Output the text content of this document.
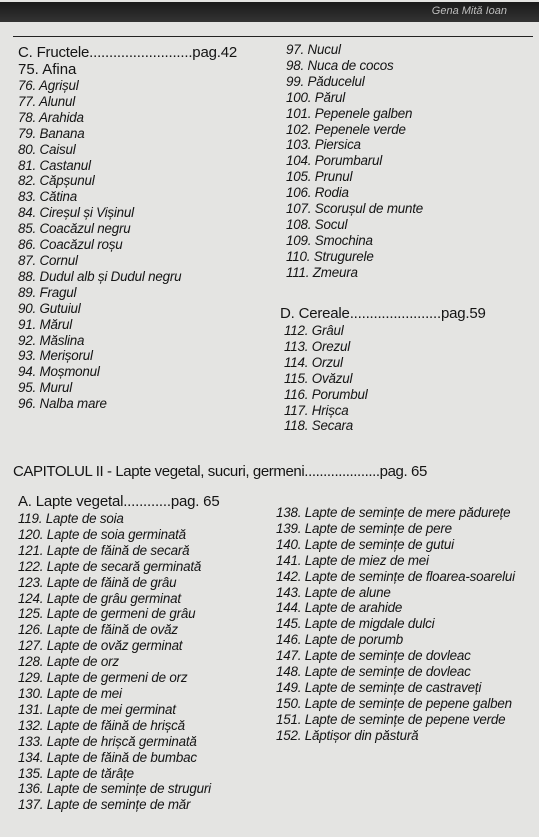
Gena Mită Ioan
C. Fructele..........................pag.42
75. Afina
76. Agrișul
77. Alunul
78. Arahida
79. Banana
80. Caisul
81. Castanul
82. Căpșunul
83. Cătina
84. Cireșul și Vișinul
85. Coacăzul negru
86. Coacăzul roșu
87. Cornul
88. Dudul alb și Dudul negru
89. Fragul
90. Gutuiul
91. Mărul
92. Măslina
93. Merișorul
94. Moșmonul
95. Murul
96. Nalba mare
97. Nucul
98. Nuca de cocos
99. Păducelul
100. Părul
101. Pepenele galben
102. Pepenele verde
103. Piersica
104. Porumbarul
105. Prunul
106. Rodia
107. Scorușul de munte
108. Socul
109. Smochina
110. Strugurele
111. Zmeura
D. Cereale.......................pag.59
112. Grâul
113. Orezul
114. Orzul
115. Ovăzul
116. Porumbul
117. Hrișca
118. Secara
CAPITOLUL II - Lapte vegetal, sucuri, germeni....................pag. 65
A. Lapte vegetal............pag. 65
119. Lapte de soia
120. Lapte de soia germinată
121. Lapte de făină de secară
122. Lapte de secară germinată
123. Lapte de făină de grâu
124. Lapte de grâu germinat
125. Lapte de germeni de grâu
126. Lapte de făină de ovăz
127. Lapte de ovăz germinat
128. Lapte de orz
129. Lapte de germeni de orz
130. Lapte de mei
131. Lapte de mei germinat
132. Lapte de făină de hrișcă
133. Lapte de hrișcă germinată
134. Lapte de făină de bumbac
135. Lapte de tărâțe
136. Lapte de semințe de struguri
137. Lapte de semințe de măr
138. Lapte de semințe de mere pădurețe
139. Lapte de semințe de pere
140. Lapte de semințe de gutui
141. Lapte de miez de mei
142. Lapte de semințe de floarea-soarelui
143. Lapte de alune
144. Lapte de arahide
145. Lapte de migdale dulci
146. Lapte de porumb
147. Lapte de semințe de dovleac
148. Lapte de semințe de dovleac
149. Lapte de semințe de castraveți
150. Lapte de semințe de pepene galben
151. Lapte de semințe de pepene verde
152. Lăptișor din păstură
